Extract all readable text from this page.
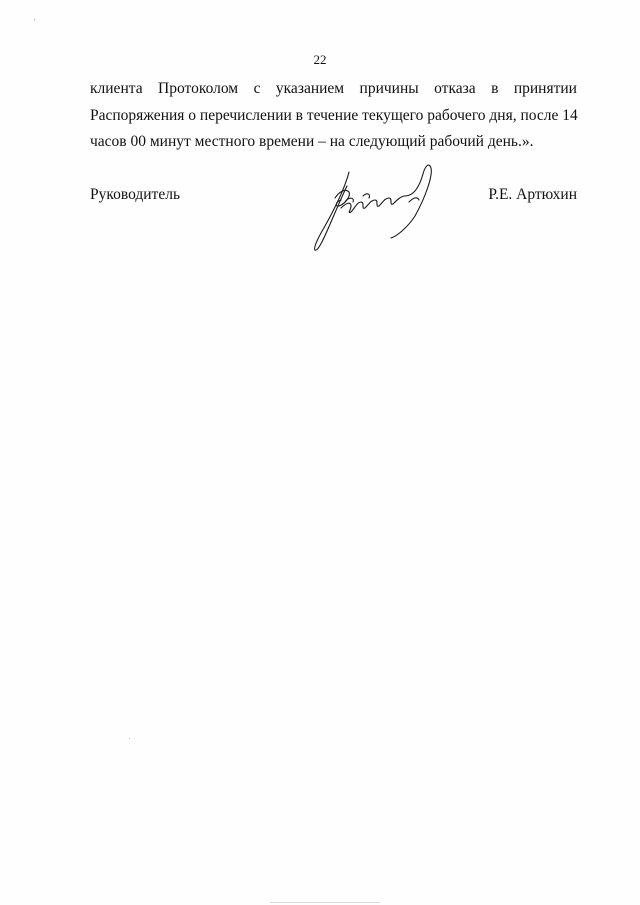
˒
22
клиента Протоколом с указанием причины отказа в принятии
Распоряжения о перечислении в течение текущего рабочего дня, после 14
часов 00 минут местного времени – на следующий рабочий день.».
Руководитель	Р.Е. Артюхин
